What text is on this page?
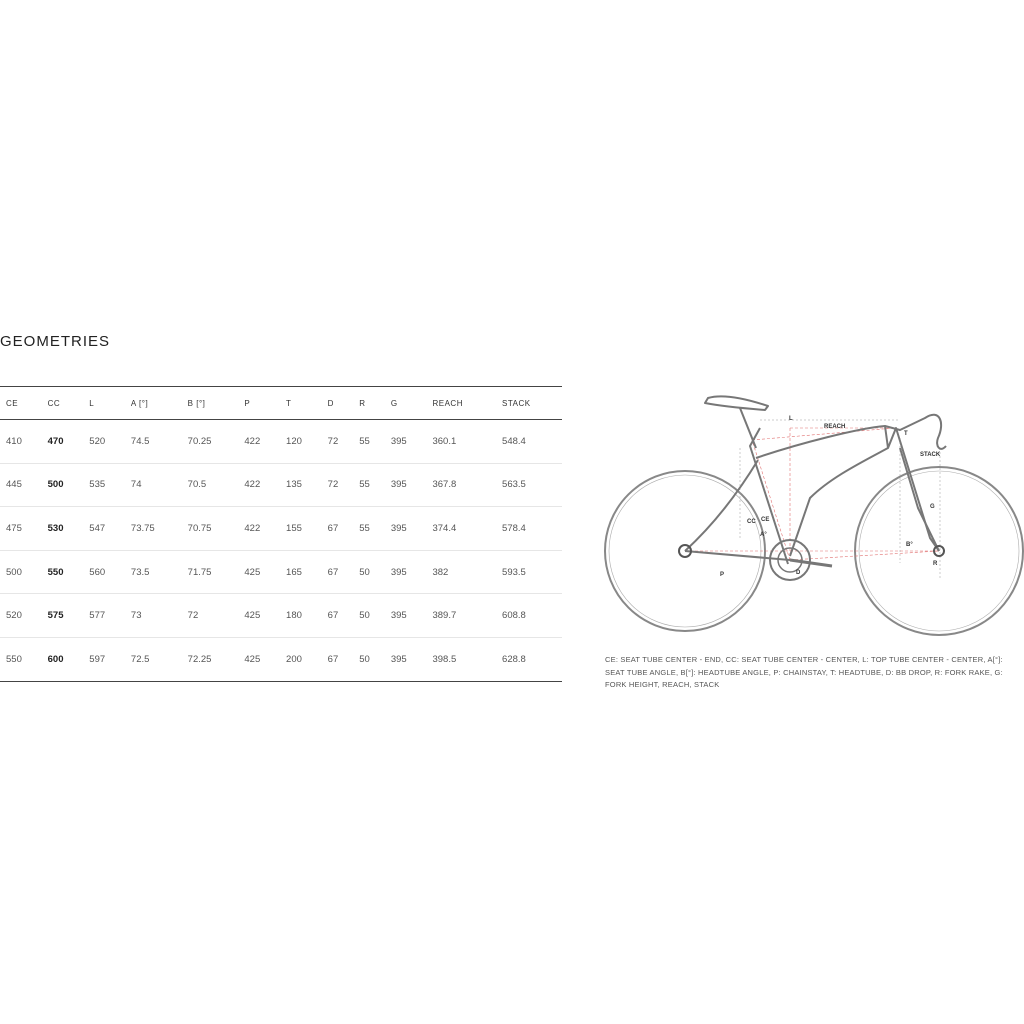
GEOMETRIES
CE	CC	L	A [°]	B [°]	P	T	D	R	G	REACH	STACK
410	470	520	74.5	70.25	422	120	72	55	395	360.1	548.4
445	500	535	74	70.5	422	135	72	55	395	367.8	563.5
475	530	547	73.75	70.75	422	155	67	55	395	374.4	578.4
500	550	560	73.5	71.75	425	165	67	50	395	382	593.5
520	575	577	73	72	425	180	67	50	395	389.7	608.8
550	600	597	72.5	72.25	425	200	67	50	395	398.5	628.8
REACH
STACK
L
CC CE
A°
B°
G
T
P	D
R

CE: SEAT TUBE CENTER - END, CC: SEAT TUBE CENTER - CENTER, L: TOP TUBE CENTER - CENTER, A[°]: SEAT TUBE ANGLE, B[°]: HEADTUBE ANGLE, P: CHAINSTAY, T: HEADTUBE, D: BB DROP, R: FORK RAKE, G: FORK HEIGHT, REACH, STACK
